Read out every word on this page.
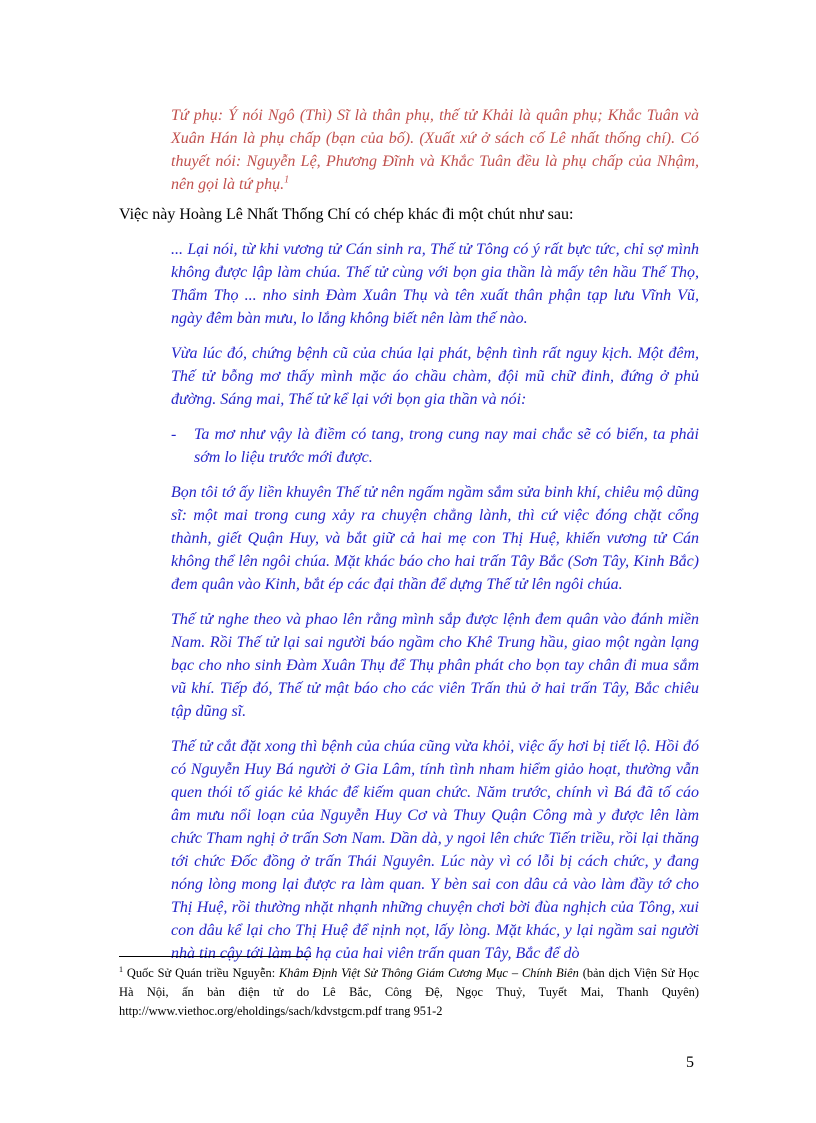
Tứ phụ: Ý nói Ngô (Thì) Sĩ là thân phụ, thế tử Khải là quân phụ; Khắc Tuân và Xuân Hán là phụ chấp (bạn của bố). (Xuất xứ ở sách cố Lê nhất thống chí). Có thuyết nói: Nguyễn Lệ, Phương Đĩnh và Khắc Tuân đều là phụ chấp của Nhậm, nên gọi là tứ phụ.$^1$

Việc này Hoàng Lê Nhất Thống Chí có chép khác đi một chút như sau:

... Lại nói, từ khi vương tử Cán sinh ra, Thế tử Tông có ý rất bực tức, chỉ sợ mình không được lập làm chúa. Thế tử cùng với bọn gia thần là mấy tên hầu Thế Thọ, Thẩm Thọ ... nho sinh Đàm Xuân Thụ và tên xuất thân phận tạp lưu Vĩnh Vũ, ngày đêm bàn mưu, lo lắng không biết nên làm thế nào.

Vừa lúc đó, chứng bệnh cũ của chúa lại phát, bệnh tình rất nguy kịch. Một đêm, Thế tử bỗng mơ thấy mình mặc áo chầu chàm, đội mũ chữ đinh, đứng ở phủ đường. Sáng mai, Thế tử kể lại với bọn gia thần và nói:

- Ta mơ như vậy là điềm có tang, trong cung nay mai chắc sẽ có biến, ta phải sớm lo liệu trước mới được.

Bọn tôi tớ ấy liền khuyên Thế tử nên ngấm ngầm sắm sửa binh khí, chiêu mộ dũng sĩ: một mai trong cung xảy ra chuyện chẳng lành, thì cứ việc đóng chặt cổng thành, giết Quận Huy, và bắt giữ cả hai mẹ con Thị Huệ, khiến vương tử Cán không thể lên ngôi chúa. Mặt khác báo cho hai trấn Tây Bắc (Sơn Tây, Kinh Bắc) đem quân vào Kinh, bắt ép các đại thần để dựng Thế tử lên ngôi chúa.

Thế tử nghe theo và phao lên rằng mình sắp được lệnh đem quân vào đánh miền Nam. Rồi Thế tử lại sai người báo ngầm cho Khê Trung hầu, giao một ngàn lạng bạc cho nho sinh Đàm Xuân Thụ để Thụ phân phát cho bọn tay chân đi mua sắm vũ khí. Tiếp đó, Thế tử mật báo cho các viên Trấn thủ ở hai trấn Tây, Bắc chiêu tập dũng sĩ.

Thế tử cắt đặt xong thì bệnh của chúa cũng vừa khỏi, việc ấy hơi bị tiết lộ. Hồi đó có Nguyễn Huy Bá người ở Gia Lâm, tính tình nham hiểm giảo hoạt, thường vẫn quen thói tố giác kẻ khác để kiếm quan chức. Năm trước, chính vì Bá đã tố cáo âm mưu nổi loạn của Nguyễn Huy Cơ và Thuy Quận Công mà y được lên làm chức Tham nghị ở trấn Sơn Nam. Dần dà, y ngoi lên chức Tiến triều, rồi lại thăng tới chức Đốc đồng ở trấn Thái Nguyên. Lúc này vì có lỗi bị cách chức, y đang nóng lòng mong lại được ra làm quan. Y bèn sai con dâu cả vào làm đầy tớ cho Thị Huệ, rồi thường nhặt nhạnh những chuyện chơi bời đùa nghịch của Tông, xui con dâu kể lại cho Thị Huệ để nịnh nọt, lấy lòng. Mặt khác, y lại ngầm sai người nhà tin cậy tới làm bộ hạ của hai viên trấn quan Tây, Bắc để dò

$^1$ Quốc Sử Quán triều Nguyễn: Khâm Định Việt Sử Thông Giám Cương Mục – Chính Biên (bản dịch Viện Sử Học Hà Nội, ấn bản điện tử do Lê Bắc, Công Đệ, Ngọc Thuỷ, Tuyết Mai, Thanh Quyên) http://www.viethoc.org/eholdings/sach/kdvstgcm.pdf trang 951-2

5
